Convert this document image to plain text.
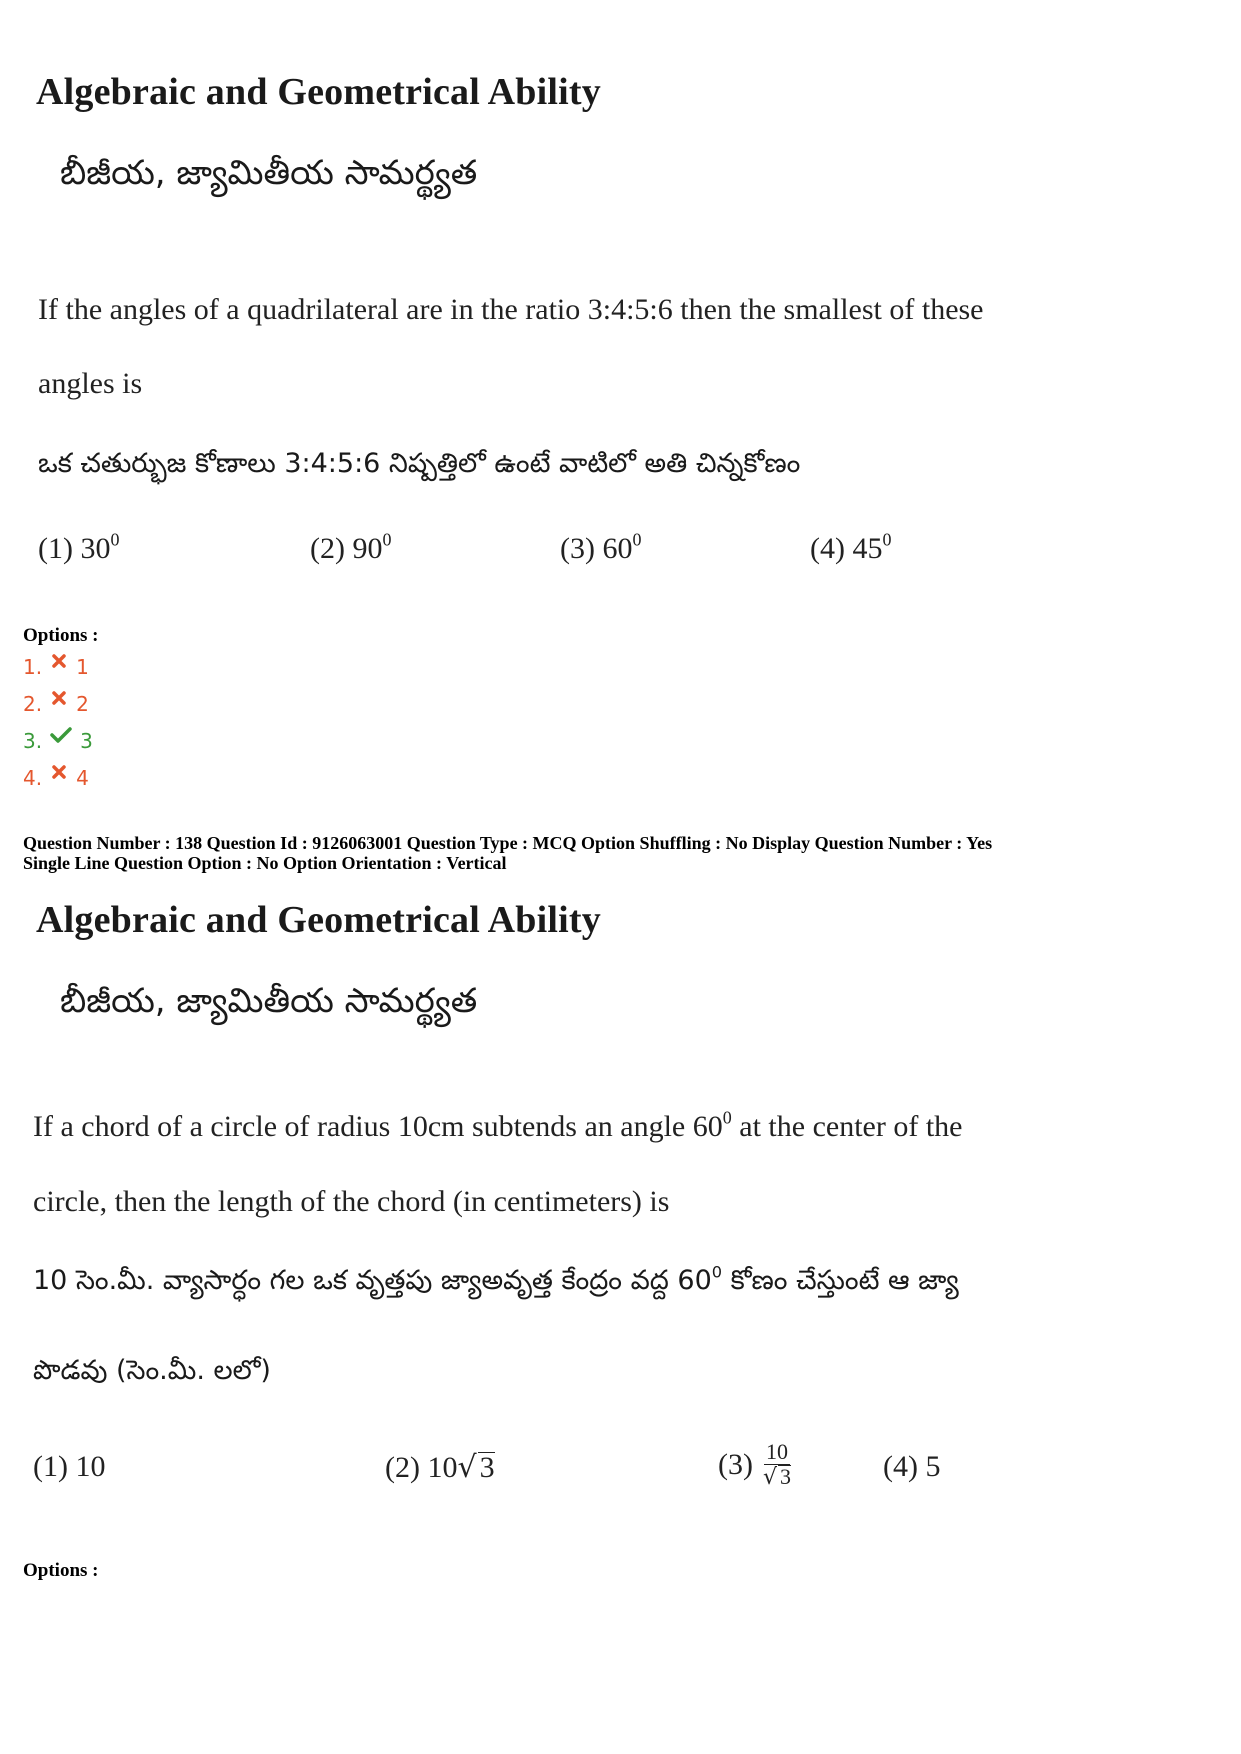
Algebraic and Geometrical Ability
బీజీయ, జ్యామితీయ సామర్థ్యత
If the angles of a quadrilateral are in the ratio 3:4:5:6 then the smallest of these
angles is
ఒక చతుర్భుజ కోణాలు 3:4:5:6 నిష్పత్తిలో ఉంటే వాటిలో అతి చిన్నకోణం
(1) $30^0$	(2) $90^0$	(3) $60^0$	(4) $45^0$
Options :
1. 1
2. 2
3. 3
4. 4
Question Number : 138 Question Id : 9126063001 Question Type : MCQ Option Shuffling : No Display Question Number : Yes
Single Line Question Option : No Option Orientation : Vertical
Algebraic and Geometrical Ability
బీజీయ, జ్యామితీయ సామర్థ్యత
If a chord of a circle of radius 10cm subtends an angle $60^0$ at the center of the
circle, then the length of the chord (in centimeters) is
10 సెం.మీ. వ్యాసార్ధం గల ఒక వృత్తపు జ్యాఅవృత్త కేంద్రం వద్ద $60^0$ కోణం చేస్తుంటే ఆ జ్యా
పొడవు (సెం.మీ. లలో)
(1) 10	(2) 10√ 3	$(3) \frac{10}{√ 3}$	(4) 5
Options :
